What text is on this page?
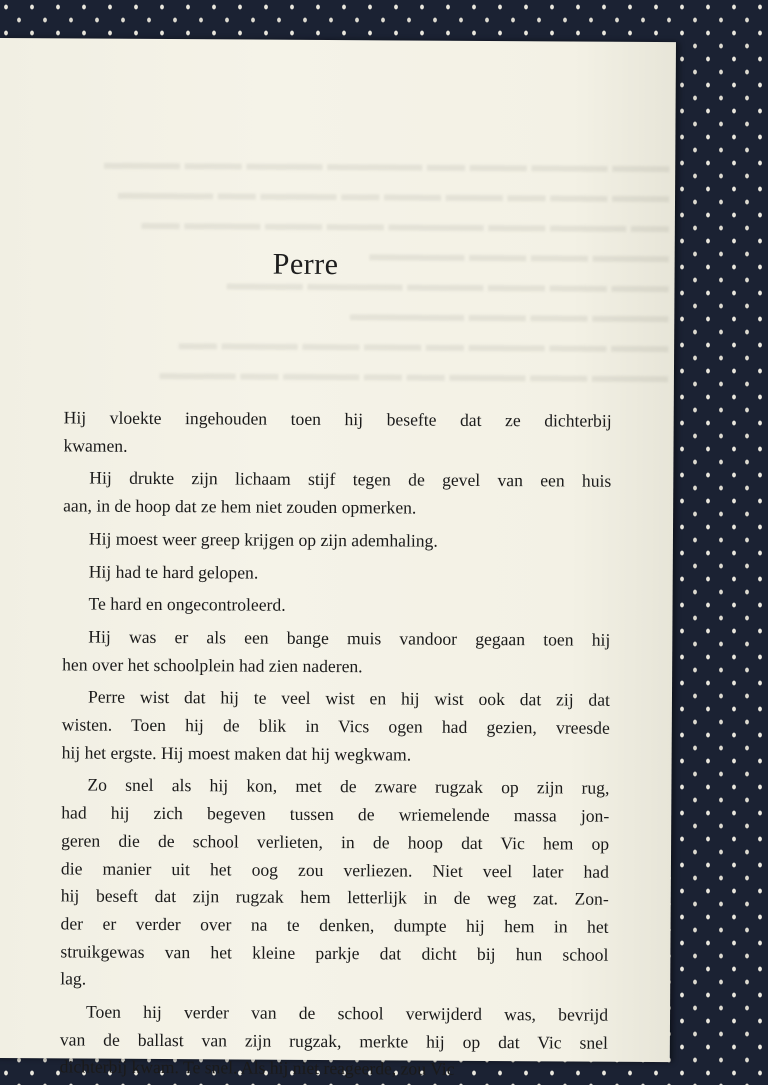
▬▬▬ ▬▬▬▬ ▬▬▬ ▬▬ ▬▬▬▬▬ ▬▬▬▬ ▬▬▬ ▬▬▬▬
▬▬▬ ▬▬▬ ▬▬ ▬▬▬ ▬▬▬ ▬▬ ▬▬▬▬ ▬▬ ▬▬▬▬▬
▬▬ ▬▬▬▬ ▬▬▬ ▬▬▬▬▬ ▬▬▬ ▬▬▬ ▬▬▬▬ ▬▬
▬▬▬▬ ▬▬▬ ▬▬▬ ▬▬▬▬▬
▬▬▬ ▬▬▬ ▬▬▬ ▬▬▬▬ ▬▬▬▬▬ ▬▬▬▬
▬▬▬▬ ▬▬▬ ▬▬▬ ▬▬▬▬▬▬
▬▬▬ ▬▬▬ ▬▬▬▬ ▬▬ ▬▬▬ ▬▬▬ ▬▬▬▬ ▬▬
▬▬▬▬ ▬▬▬ ▬▬▬▬ ▬▬ ▬▬ ▬▬▬▬ ▬▬ ▬▬▬▬
Perre
Hij vloekte ingehouden toen hij besefte dat ze dichterbij
kwamen.
Hij drukte zijn lichaam stijf tegen de gevel van een huis
aan, in de hoop dat ze hem niet zouden opmerken.
Hij moest weer greep krijgen op zijn ademhaling.
Hij had te hard gelopen.
Te hard en ongecontroleerd.
Hij was er als een bange muis vandoor gegaan toen hij
hen over het schoolplein had zien naderen.
Perre wist dat hij te veel wist en hij wist ook dat zij dat
wisten. Toen hij de blik in Vics ogen had gezien, vreesde
hij het ergste. Hij moest maken dat hij wegkwam.
Zo snel als hij kon, met de zware rugzak op zijn rug,
had hij zich begeven tussen de wriemelende massa jon-
geren die de school verlieten, in de hoop dat Vic hem op
die manier uit het oog zou verliezen. Niet veel later had
hij beseft dat zijn rugzak hem letterlijk in de weg zat. Zon-
der er verder over na te denken, dumpte hij hem in het
struikgewas van het kleine parkje dat dicht bij hun school
lag.
Toen hij verder van de school verwijderd was, bevrijd
van de ballast van zijn rugzak, merkte hij op dat Vic snel
dichterbij kwam. Te snel. Als hij niet reageerde, zou Vic
